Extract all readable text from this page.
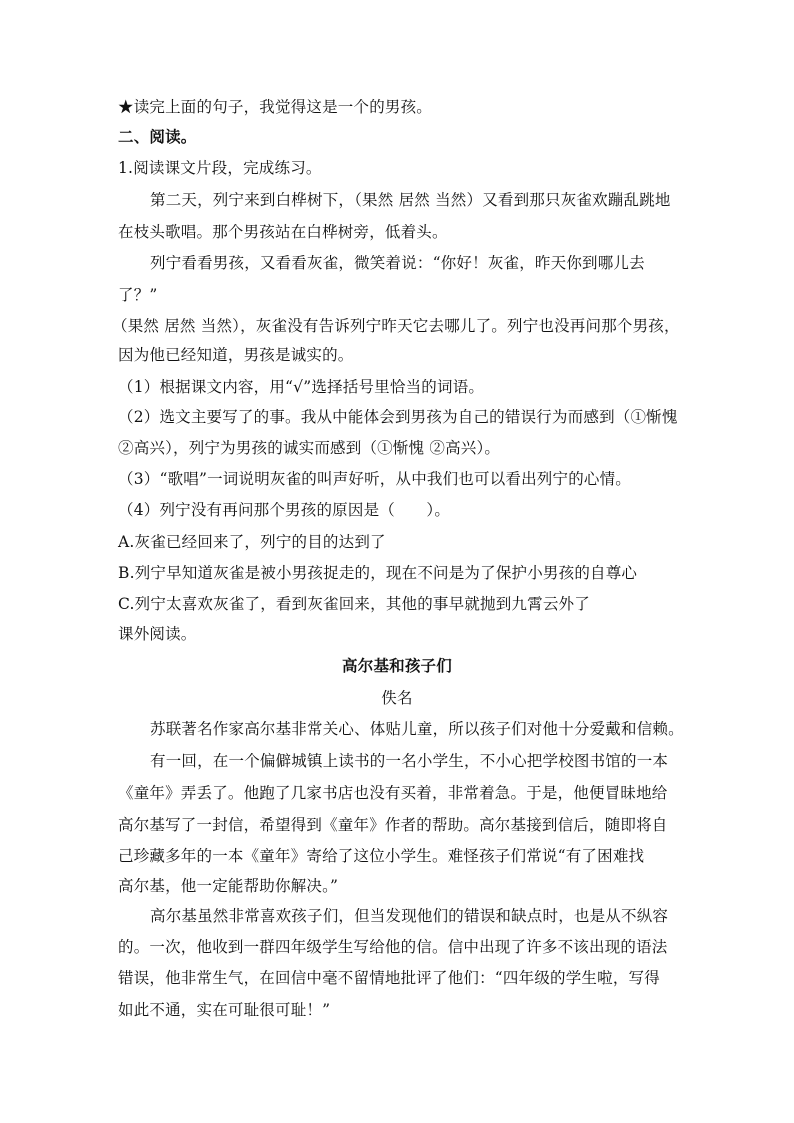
★读完上面的句子，我觉得这是一个的男孩。
二、阅读。
1.阅读课文片段，完成练习。
第二天，列宁来到白桦树下，（果然 居然 当然）又看到那只灰雀欢蹦乱跳地
在枝头歌唱。那个男孩站在白桦树旁，低着头。
列宁看看男孩，又看看灰雀，微笑着说：“你好！灰雀，昨天你到哪儿去
了？”
（果然 居然 当然），灰雀没有告诉列宁昨天它去哪儿了。列宁也没再问那个男孩，
因为他已经知道，男孩是诚实的。
（1）根据课文内容，用“√”选择括号里恰当的词语。
（2）选文主要写了的事。我从中能体会到男孩为自己的错误行为而感到（①惭愧
②高兴），列宁为男孩的诚实而感到（①惭愧 ②高兴）。
（3）“歌唱”一词说明灰雀的叫声好听，从中我们也可以看出列宁的心情。
（4）列宁没有再问那个男孩的原因是（　　）。
A.灰雀已经回来了，列宁的目的达到了
B.列宁早知道灰雀是被小男孩捉走的，现在不问是为了保护小男孩的自尊心
C.列宁太喜欢灰雀了，看到灰雀回来，其他的事早就抛到九霄云外了
课外阅读。
高尔基和孩子们
佚名
苏联著名作家高尔基非常关心、体贴儿童，所以孩子们对他十分爱戴和信赖。
有一回，在一个偏僻城镇上读书的一名小学生，不小心把学校图书馆的一本
《童年》弄丢了。他跑了几家书店也没有买着，非常着急。于是，他便冒昧地给
高尔基写了一封信，希望得到《童年》作者的帮助。高尔基接到信后，随即将自
己珍藏多年的一本《童年》寄给了这位小学生。难怪孩子们常说“有了困难找
高尔基，他一定能帮助你解决。”
高尔基虽然非常喜欢孩子们，但当发现他们的错误和缺点时，也是从不纵容
的。一次，他收到一群四年级学生写给他的信。信中出现了许多不该出现的语法
错误，他非常生气，在回信中毫不留情地批评了他们：“四年级的学生啦，写得
如此不通，实在可耻很可耻！”
